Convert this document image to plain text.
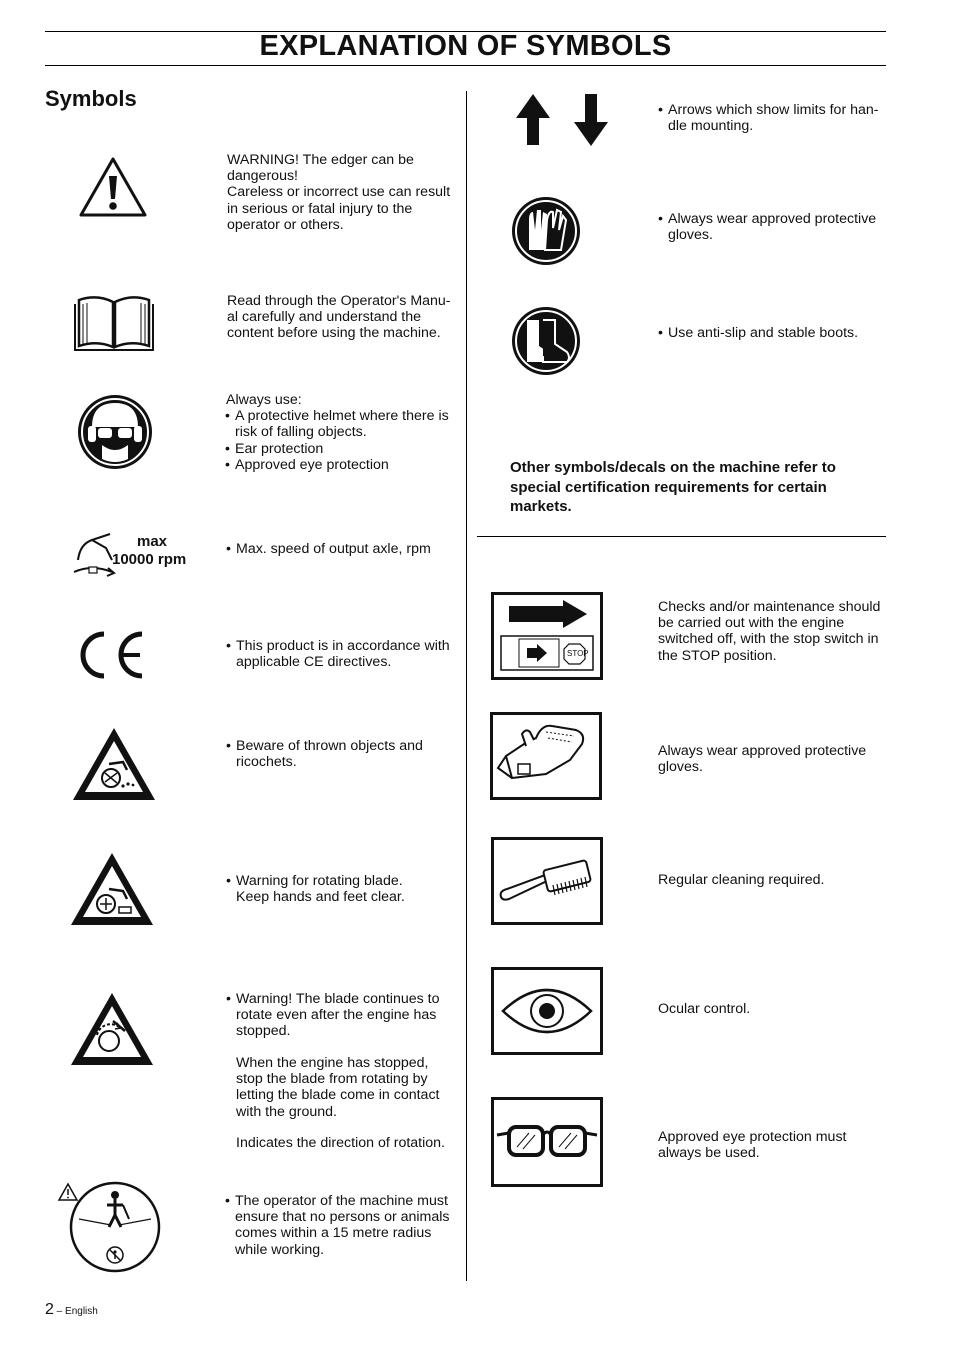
EXPLANATION OF SYMBOLS
Symbols
WARNING! The edger can be
dangerous!
Careless or incorrect use can result
in serious or fatal injury to the
operator or others.
Read through the Operator's Manu-
al carefully and understand the
content before using the machine.
Always use:
• A protective helmet where there is
risk of falling objects.
• Ear protection
• Approved eye protection
max
10000 rpm
• Max. speed of output axle, rpm
• This product is in accordance with
applicable CE directives.
• Beware of thrown objects and
ricochets.
• Warning for rotating blade.
Keep hands and feet clear.
• Warning! The blade continues to
rotate even after the engine has
stopped.
When the engine has stopped,
stop the blade from rotating by
letting the blade come in contact
with the ground.
Indicates the direction of rotation.
• The operator of the machine must
ensure that no persons or animals
comes within a 15 metre radius
while working.
• Arrows which show limits for han-
dle mounting.
• Always wear approved protective
gloves.
• Use anti-slip and stable boots.
Other symbols/decals on the machine refer to
special certification requirements for certain
markets.
STOP
Checks and/or maintenance should
be carried out with the engine
switched off, with the stop switch in
the STOP position.
Always wear approved protective
gloves.
Regular cleaning required.
Ocular control.
Approved eye protection must
always be used.
2 – English
